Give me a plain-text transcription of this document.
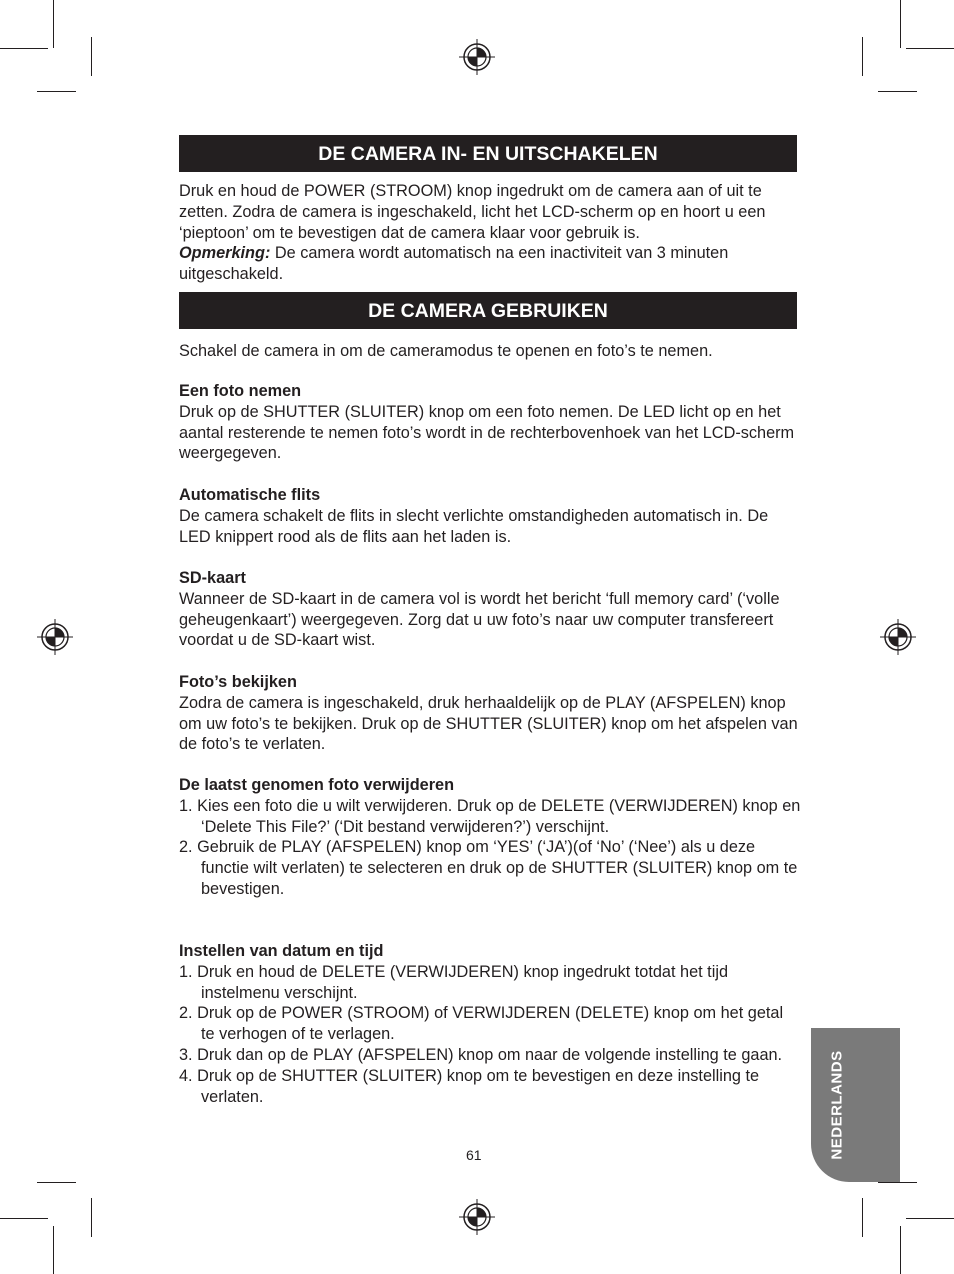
DE CAMERA IN- EN UITSCHAKELEN

Druk en houd de POWER (STROOM) knop ingedrukt om de camera aan of uit te zetten. Zodra de camera is ingeschakeld, licht het LCD-scherm op en hoort u een ‘pieptoon’ om te bevestigen dat de camera klaar voor gebruik is.
Opmerking: De camera wordt automatisch na een inactiviteit van 3 minuten uitgeschakeld.

DE CAMERA GEBRUIKEN

Schakel de camera in om de cameramodus te openen en foto’s te nemen.

Een foto nemen
Druk op de SHUTTER (SLUITER) knop om een foto nemen. De LED licht op en het aantal resterende te nemen foto’s wordt in de rechterbovenhoek van het LCD-scherm weergegeven.

Automatische flits
De camera schakelt de flits in slecht verlichte omstandigheden automatisch in. De LED knippert rood als de flits aan het laden is.

SD-kaart
Wanneer de SD-kaart in de camera vol is wordt het bericht ‘full memory card’ (‘volle geheugenkaart’) weergegeven. Zorg dat u uw foto’s naar uw computer transfereert voordat u de SD-kaart wist.

Foto’s bekijken
Zodra de camera is ingeschakeld, druk herhaaldelijk op de PLAY (AFSPELEN) knop om uw foto’s te bekijken. Druk op de SHUTTER (SLUITER) knop om het afspelen van de foto’s te verlaten.

De laatst genomen foto verwijderen
1. Kies een foto die u wilt verwijderen. Druk op de DELETE (VERWIJDEREN) knop en ‘Delete This File?’ (‘Dit bestand verwijderen?’) verschijnt.
2. Gebruik de PLAY (AFSPELEN) knop om ‘YES’ (‘JA’)(of ‘No’ (‘Nee’) als u deze functie wilt verlaten) te selecteren en druk op de SHUTTER (SLUITER) knop om te bevestigen.

Instellen van datum en tijd
1. Druk en houd de DELETE (VERWIJDEREN) knop ingedrukt totdat het tijd instelmenu verschijnt.
2. Druk op de POWER (STROOM) of VERWIJDEREN (DELETE) knop om het getal te verhogen of te verlagen.
3. Druk dan op de PLAY (AFSPELEN) knop om naar de volgende instelling te gaan.
4. Druk op de SHUTTER (SLUITER) knop om te bevestigen en deze instelling te verlaten.	NEDERLANDS
61
